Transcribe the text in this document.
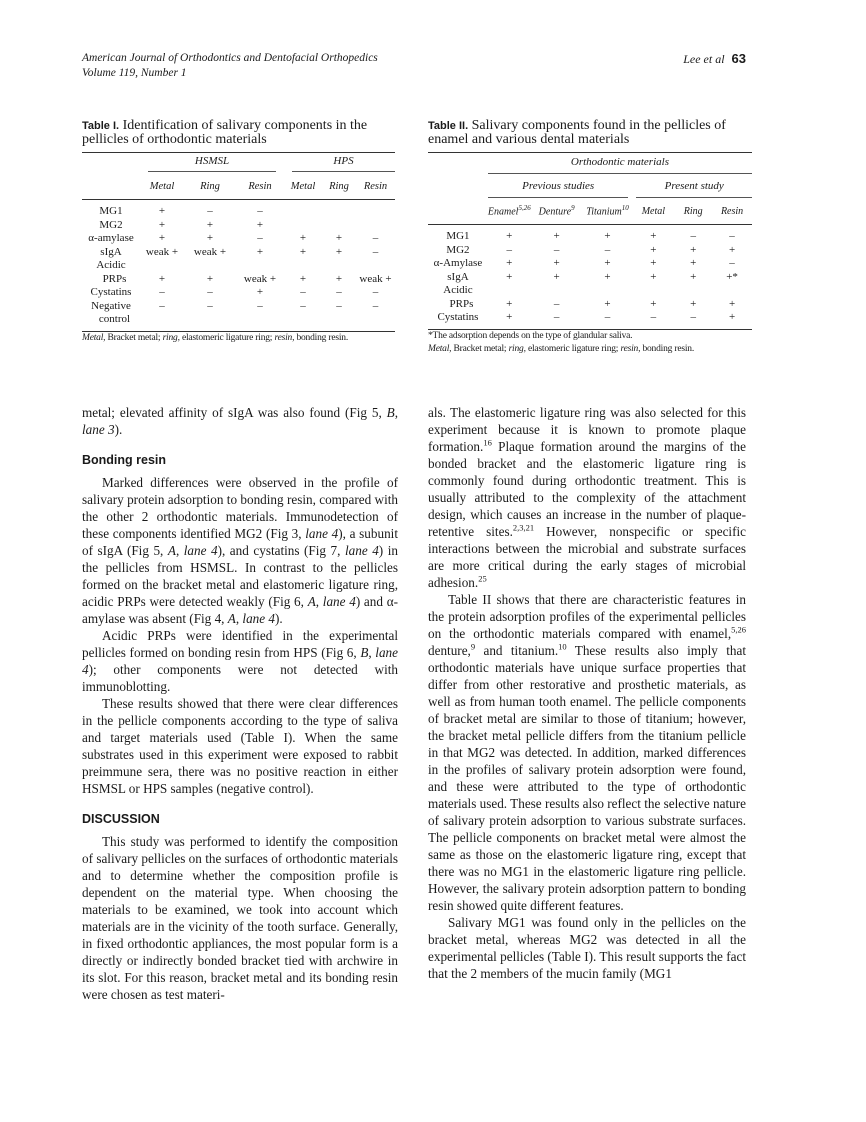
American Journal of Orthodontics and Dentofacial Orthopedics
Volume 119, Number 1
Lee et al 63
Table I. Identification of salivary components in the pellicles of orthodontic materials

	HSMSL			HPS		

	Metal	Ring	Resin	Metal	Ring	Resin

MG1	+	–	–			
MG2	+	+	+			
α-amylase	+	+	–	+	+	–
sIgA	weak +	weak +	+	+	+	–
Acidic						
PRPs	+	+	weak +	+	+	weak +
Cystatins	–	–	+	–	–	–
Negative	–	–	–	–	–	–
control						

Metal, Bracket metal; ring, elastomeric ligature ring; resin, bonding resin.						
Table II. Salivary components found in the pellicles of enamel and various dental materials

	Orthodontic materials					

	Previous studies			Present study		

	Enamel$^{5,26}$	Denture$^9$	Titanium$^{10}$	Metal	Ring	Resin

MG1	+	+	+	+	–	–
MG2	–	–	–	+	+	+
α-Amylase	+	+	+	+	+	–
sIgA	+	+	+	+	+	+*
Acidic						
PRPs	+	–	+	+	+	+
Cystatins	+	–	–	–	–	+

*The adsorption depends on the type of glandular saliva.
Metal, Bracket metal; ring, elastomeric ligature ring; resin, bonding resin.						

metal; elevated affinity of sIgA was also found (Fig 5, B, lane 3).

Bonding resin

Marked differences were observed in the profile of salivary protein adsorption to bonding resin, compared with the other 2 orthodontic materials. Immunodetection of these components identified MG2 (Fig 3, lane 4), a subunit of sIgA (Fig 5, A, lane 4), and cystatins (Fig 7, lane 4) in the pellicles from HSMSL. In contrast to the pellicles formed on the bracket metal and elastomeric ligature ring, acidic PRPs were detected weakly (Fig 6, A, lane 4) and α-amylase was absent (Fig 4, A, lane 4).

Acidic PRPs were identified in the experimental pellicles formed on bonding resin from HPS (Fig 6, B, lane 4); other components were not detected with immunoblotting.

These results showed that there were clear differences in the pellicle components according to the type of saliva and target materials used (Table I). When the same substrates used in this experiment were exposed to rabbit preimmune sera, there was no positive reaction in either HSMSL or HPS samples (negative control).

DISCUSSION

This study was performed to identify the composition of salivary pellicles on the surfaces of orthodontic materials and to determine whether the composition profile is dependent on the material type. When choosing the materials to be examined, we took into account which materials are in the vicinity of the tooth surface. Generally, in fixed orthodontic appliances, the most popular form is a directly or indirectly bonded bracket tied with archwire in its slot. For this reason, bracket metal and its bonding resin were chosen as test materi-

als. The elastomeric ligature ring was also selected for this experiment because it is known to promote plaque formation.$^{16}$ Plaque formation around the margins of the bonded bracket and the elastomeric ligature ring is commonly found during orthodontic treatment. This is usually attributed to the complexity of the attachment design, which causes an increase in the number of plaque-retentive sites.$^{2,3,21}$ However, nonspecific or specific interactions between the microbial and substrate surfaces are more critical during the early stages of microbial adhesion.$^{25}$

Table II shows that there are characteristic features in the protein adsorption profiles of the experimental pellicles on the orthodontic materials compared with enamel,$^{5,26}$ denture,$^9$ and titanium.$^{10}$ These results also imply that orthodontic materials have unique surface properties that differ from other restorative and prosthetic materials, as well as from human tooth enamel. The pellicle components of bracket metal are similar to those of titanium; however, the bracket metal pellicle differs from the titanium pellicle in that MG2 was detected. In addition, marked differences in the profiles of salivary protein adsorption were found, and these were attributed to the type of orthodontic materials used. These results also reflect the selective nature of salivary protein adsorption to various substrate surfaces. The pellicle components on bracket metal were almost the same as those on the elastomeric ligature ring, except that there was no MG1 in the elastomeric ligature ring pellicle. However, the salivary protein adsorption pattern to bonding resin showed quite different features.

Salivary MG1 was found only in the pellicles on the bracket metal, whereas MG2 was detected in all the experimental pellicles (Table I). This result supports the fact that the 2 members of the mucin family (MG1
